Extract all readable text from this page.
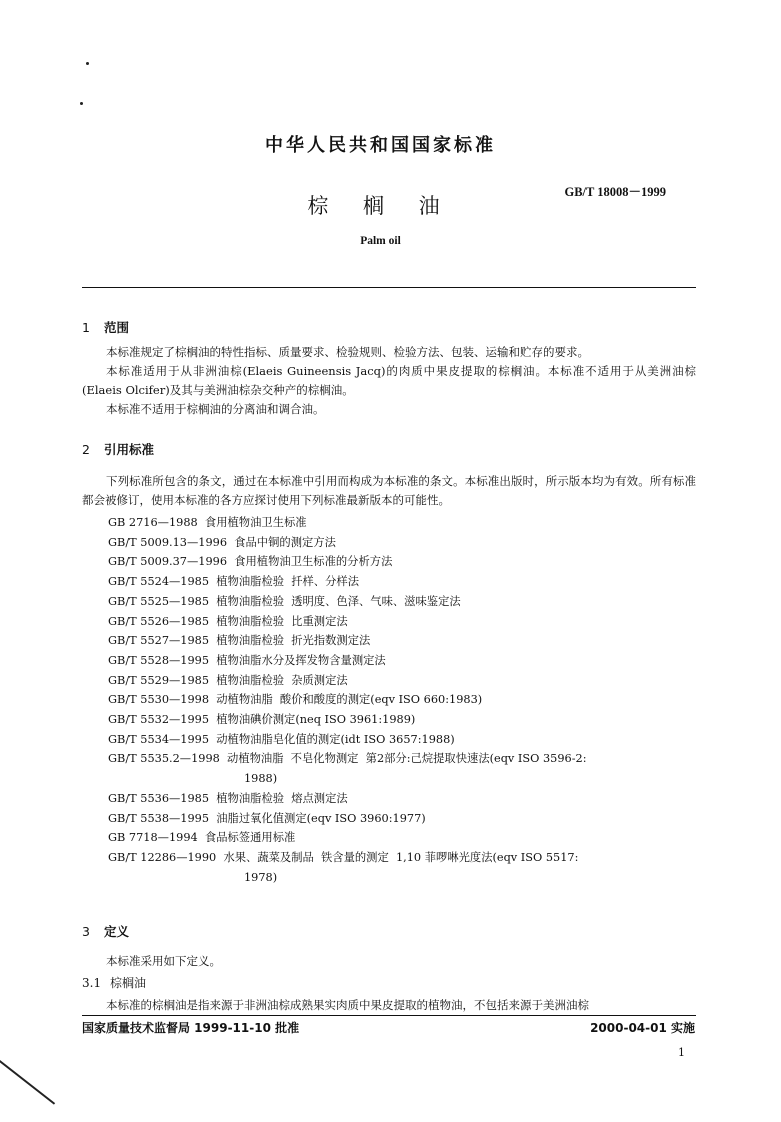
中华人民共和国国家标准
GB/T 18008－1999
棕 榈 油
Palm oil
1 范围

本标准规定了棕榈油的特性指标、质量要求、检验规则、检验方法、包装、运输和贮存的要求。

本标准适用于从非洲油棕(Elaeis Guineensis Jacq)的肉质中果皮提取的棕榈油。本标准不适用于从美洲油棕(Elaeis Olcifer)及其与美洲油棕杂交种产的棕榈油。

本标准不适用于棕榈油的分离油和调合油。

2 引用标准

下列标准所包含的条文，通过在本标准中引用而构成为本标准的条文。本标准出版时，所示版本均为有效。所有标准都会被修订，使用本标准的各方应探讨使用下列标准最新版本的可能性。

GB 2716—1988 食用植物油卫生标准
GB/T 5009.13—1996 食品中铜的测定方法
GB/T 5009.37—1996 食用植物油卫生标准的分析方法
GB/T 5524—1985 植物油脂检验  扦样、分样法
GB/T 5525—1985 植物油脂检验  透明度、色泽、气味、滋味鉴定法
GB/T 5526—1985 植物油脂检验  比重测定法
GB/T 5527—1985 植物油脂检验  折光指数测定法
GB/T 5528—1995 植物油脂水分及挥发物含量测定法
GB/T 5529—1985 植物油脂检验  杂质测定法
GB/T 5530—1998 动植物油脂  酸价和酸度的测定(eqv ISO 660:1983)
GB/T 5532—1995 植物油碘价测定(neq ISO 3961:1989)
GB/T 5534—1995 动植物油脂皂化值的测定(idt ISO 3657:1988)
GB/T 5535.2—1998 动植物油脂  不皂化物测定  第2部分:己烷提取快速法(eqv ISO 3596-2:
1988)
GB/T 5536—1985 植物油脂检验  熔点测定法
GB/T 5538—1995 油脂过氧化值测定(eqv ISO 3960:1977)
GB 7718—1994 食品标签通用标准
GB/T 12286—1990 水果、蔬菜及制品  铁含量的测定  1,10 菲啰啉光度法(eqv ISO 5517:
1978)
3 定义

本标准采用如下定义。

3.1 棕榈油
本标准的棕榈油是指来源于非洲油棕成熟果实肉质中果皮提取的植物油，不包括来源于美洲油棕
国家质量技术监督局 1999-11-10 批准	2000-04-01 实施
1
